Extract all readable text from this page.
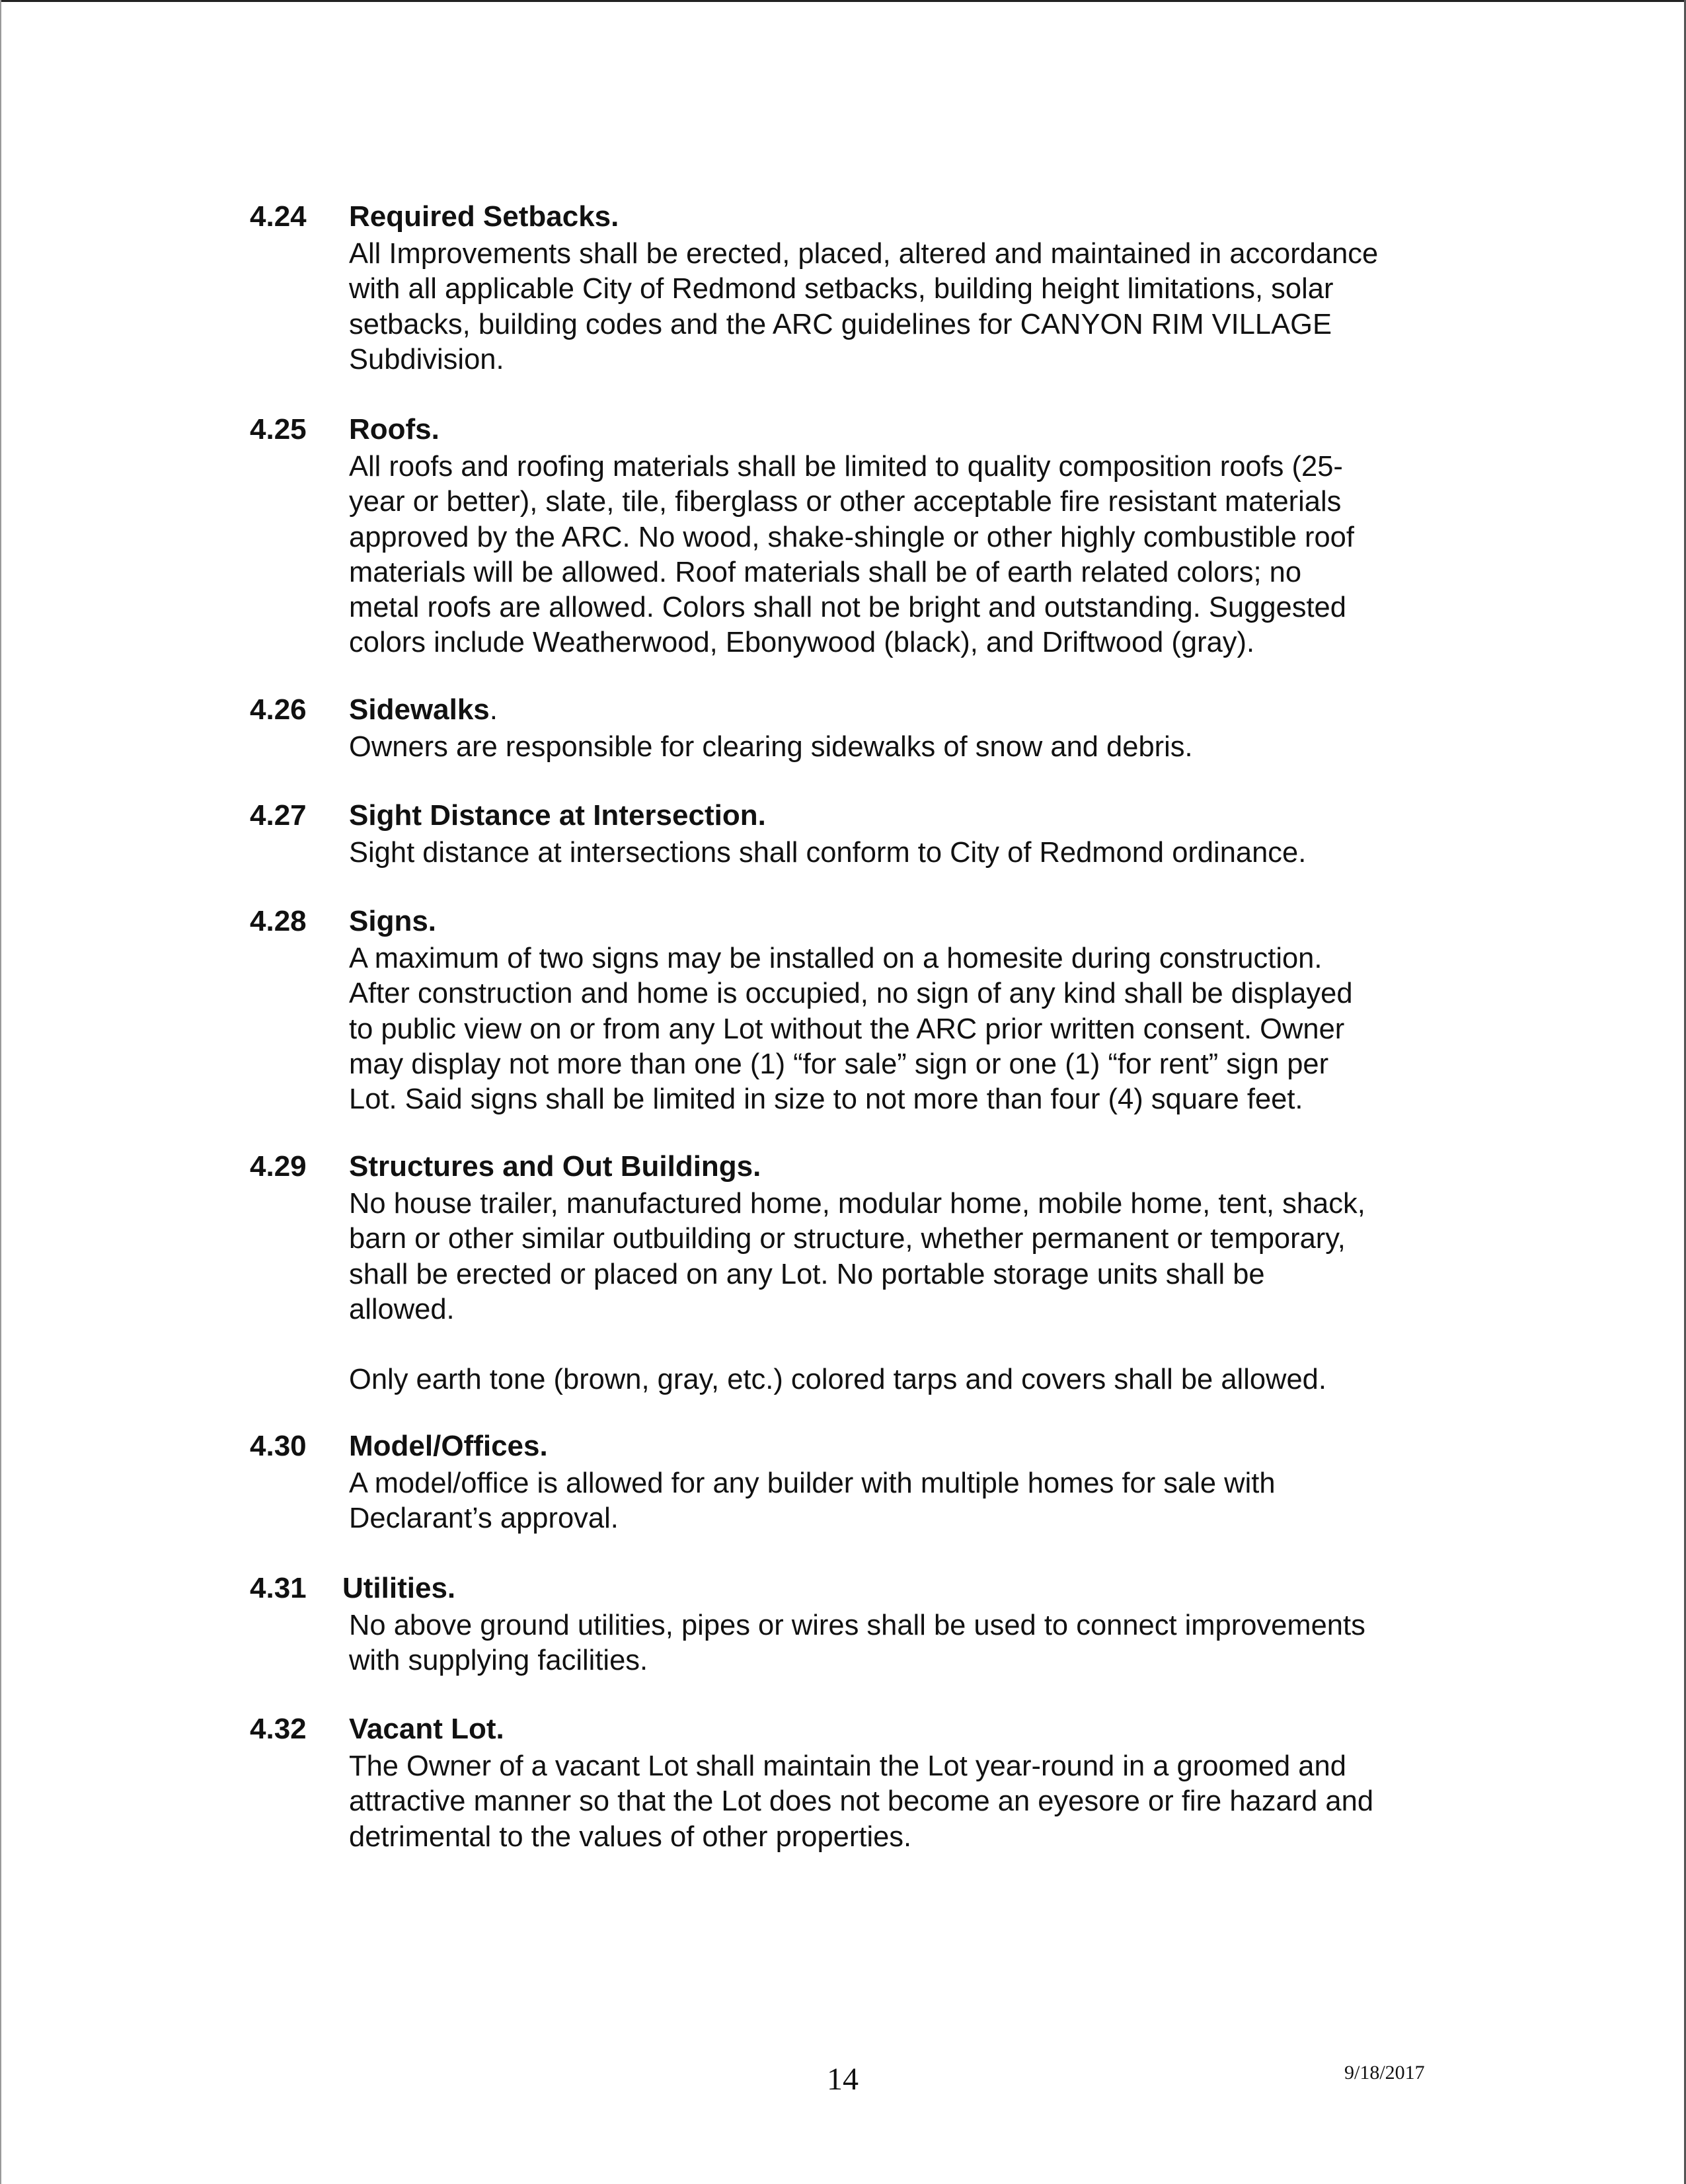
4.24 Required Setbacks.

All Improvements shall be erected, placed, altered and maintained in accordance

with all applicable City of Redmond setbacks, building height limitations, solar

setbacks, building codes and the ARC guidelines for CANYON RIM VILLAGE

Subdivision.

4.25 Roofs.

All roofs and roofing materials shall be limited to quality composition roofs (25-

year or better), slate, tile, fiberglass or other acceptable fire resistant materials

approved by the ARC. No wood, shake-shingle or other highly combustible roof

materials will be allowed. Roof materials shall be of earth related colors; no

metal roofs are allowed. Colors shall not be bright and outstanding. Suggested

colors include Weatherwood, Ebonywood (black), and Driftwood (gray).

4.26 Sidewalks.

Owners are responsible for clearing sidewalks of snow and debris.

4.27 Sight Distance at Intersection.

Sight distance at intersections shall conform to City of Redmond ordinance.

4.28 Signs.

A maximum of two signs may be installed on a homesite during construction.

After construction and home is occupied, no sign of any kind shall be displayed

to public view on or from any Lot without the ARC prior written consent. Owner

may display not more than one (1) “for sale” sign or one (1) “for rent” sign per

Lot. Said signs shall be limited in size to not more than four (4) square feet.

4.29 Structures and Out Buildings.

No house trailer, manufactured home, modular home, mobile home, tent, shack,

barn or other similar outbuilding or structure, whether permanent or temporary,

shall be erected or placed on any Lot. No portable storage units shall be

allowed.

Only earth tone (brown, gray, etc.) colored tarps and covers shall be allowed.

4.30 Model/Offices.

A model/office is allowed for any builder with multiple homes for sale with

Declarant’s approval.

4.31 Utilities.

No above ground utilities, pipes or wires shall be used to connect improvements

with supplying facilities.

4.32 Vacant Lot.

The Owner of a vacant Lot shall maintain the Lot year-round in a groomed and

attractive manner so that the Lot does not become an eyesore or fire hazard and

detrimental to the values of other properties.

14	9/18/2017
